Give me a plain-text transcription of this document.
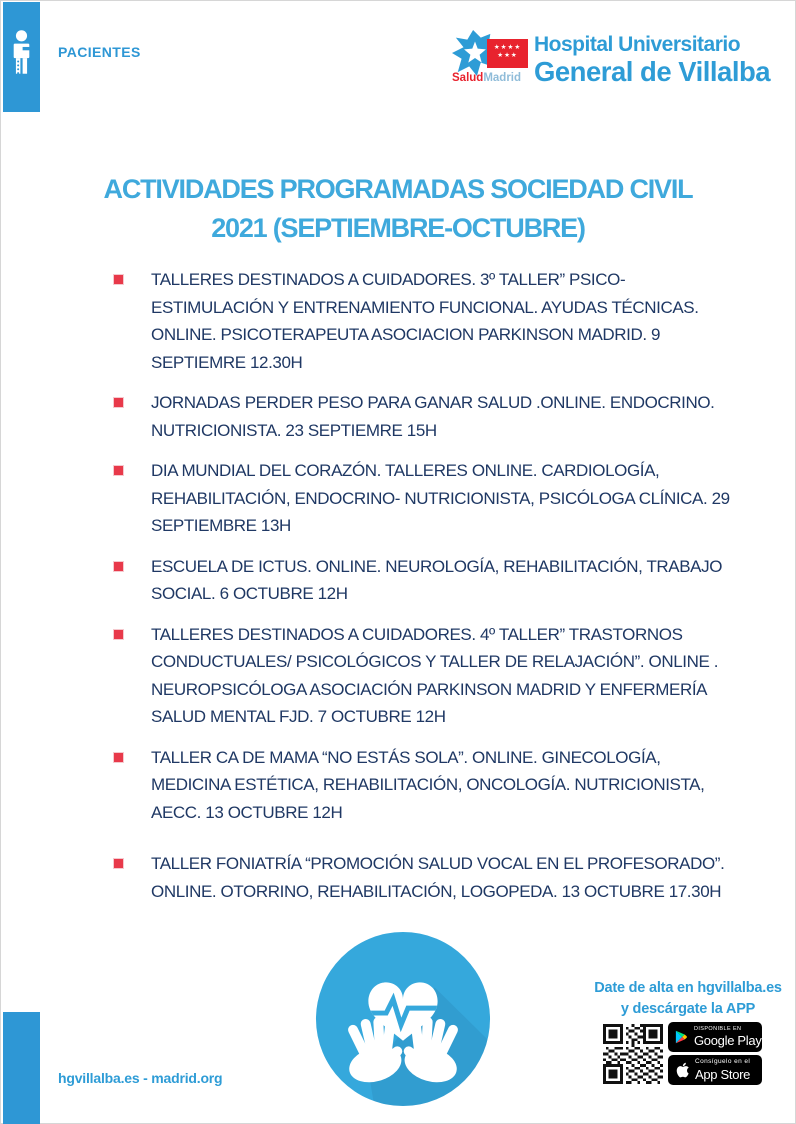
PACIENTES	★★★★
★★★
SaludMadrid
Hospital Universitario
General de Villalba
ACTIVIDADES PROGRAMADAS SOCIEDAD CIVIL 2021 (SEPTIEMBRE-OCTUBRE)
TALLERES DESTINADOS A CUIDADORES. 3º TALLER” PSICO-ESTIMULACIÓN Y ENTRENAMIENTO FUNCIONAL. AYUDAS TÉCNICAS. ONLINE. PSICOTERAPEUTA ASOCIACION PARKINSON MADRID. 9 SEPTIEMRE 12.30H
JORNADAS PERDER PESO PARA GANAR SALUD .ONLINE. ENDOCRINO. NUTRICIONISTA. 23 SEPTIEMRE 15H
DIA MUNDIAL DEL CORAZÓN. TALLERES ONLINE. CARDIOLOGÍA, REHABILITACIÓN, ENDOCRINO- NUTRICIONISTA, PSICÓLOGA CLÍNICA. 29 SEPTIEMBRE 13H
ESCUELA DE ICTUS. ONLINE. NEUROLOGÍA, REHABILITACIÓN, TRABAJO SOCIAL. 6 OCTUBRE 12H
TALLERES DESTINADOS A CUIDADORES. 4º TALLER” TRASTORNOS CONDUCTUALES/ PSICOLÓGICOS Y TALLER DE RELAJACIÓN”. ONLINE . NEUROPSICÓLOGA ASOCIACIÓN PARKINSON MADRID Y ENFERMERÍA SALUD MENTAL FJD. 7 OCTUBRE 12H
TALLER CA DE MAMA “NO ESTÁS SOLA”. ONLINE. GINECOLOGÍA, MEDICINA ESTÉTICA, REHABILITACIÓN, ONCOLOGÍA. NUTRICIONISTA, AECC. 13 OCTUBRE 12H
TALLER FONIATRÍA “PROMOCIÓN SALUD VOCAL EN EL PROFESORADO”. ONLINE. OTORRINO, REHABILITACIÓN, LOGOPEDA. 13 OCTUBRE 17.30H
Date de alta en hgvillalba.es
y descárgate la APP
DISPONIBLE EN
Google Play
Consíguelo en el
App Store
hgvillalba.es - madrid.org
